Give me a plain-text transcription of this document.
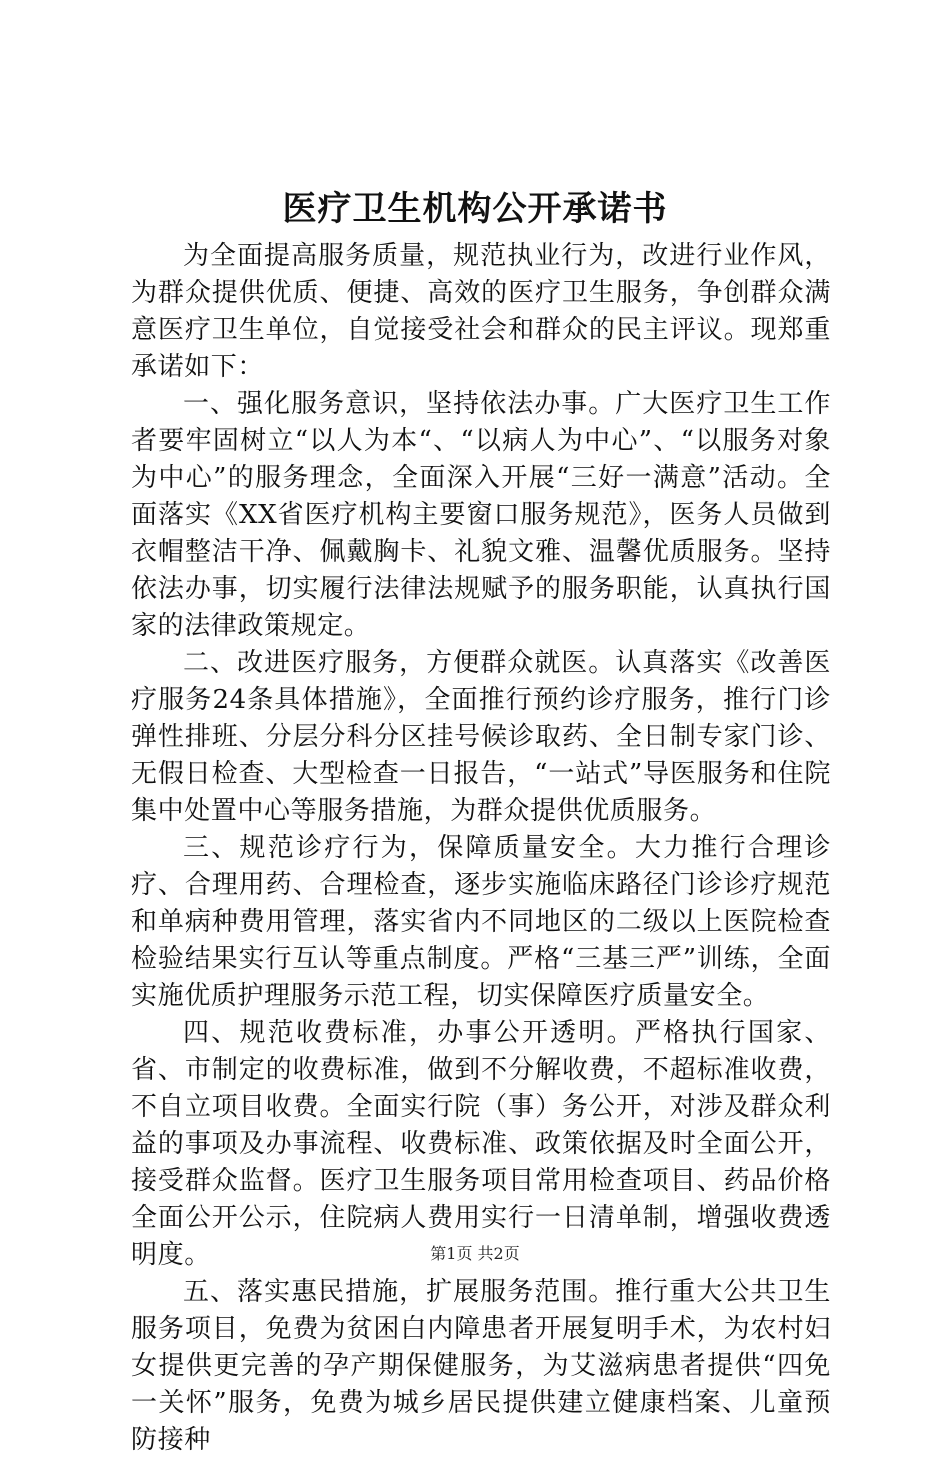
医疗卫生机构公开承诺书

为全面提高服务质量，规范执业行为，改进行业作风，为群众提供优质、便捷、高效的医疗卫生服务，争创群众满意医疗卫生单位，自觉接受社会和群众的民主评议。现郑重承诺如下：

一、强化服务意识，坚持依法办事。广大医疗卫生工作者要牢固树立“以人为本“、“以病人为中心”、“以服务对象为中心”的服务理念，全面深入开展“三好一满意”活动。全面落实《XX省医疗机构主要窗口服务规范》，医务人员做到衣帽整洁干净、佩戴胸卡、礼貌文雅、温馨优质服务。坚持依法办事，切实履行法律法规赋予的服务职能，认真执行国家的法律政策规定。

二、改进医疗服务，方便群众就医。认真落实《改善医疗服务24条具体措施》，全面推行预约诊疗服务，推行门诊弹性排班、分层分科分区挂号候诊取药、全日制专家门诊、无假日检查、大型检查一日报告，“一站式”导医服务和住院集中处置中心等服务措施，为群众提供优质服务。

三、规范诊疗行为，保障质量安全。大力推行合理诊疗、合理用药、合理检查，逐步实施临床路径门诊诊疗规范和单病种费用管理，落实省内不同地区的二级以上医院检查检验结果实行互认等重点制度。严格“三基三严”训练，全面实施优质护理服务示范工程，切实保障医疗质量安全。

四、规范收费标准，办事公开透明。严格执行国家、省、市制定的收费标准，做到不分解收费，不超标准收费，不自立项目收费。全面实行院（事）务公开，对涉及群众利益的事项及办事流程、收费标准、政策依据及时全面公开，接受群众监督。医疗卫生服务项目常用检查项目、药品价格全面公开公示，住院病人费用实行一日清单制，增强收费透明度。

五、落实惠民措施，扩展服务范围。推行重大公共卫生服务项目，免费为贫困白内障患者开展复明手术，为农村妇女提供更完善的孕产期保健服务，为艾滋病患者提供“四免一关怀”服务，免费为城乡居民提供建立健康档案、儿童预防接种

第1页 共2页
